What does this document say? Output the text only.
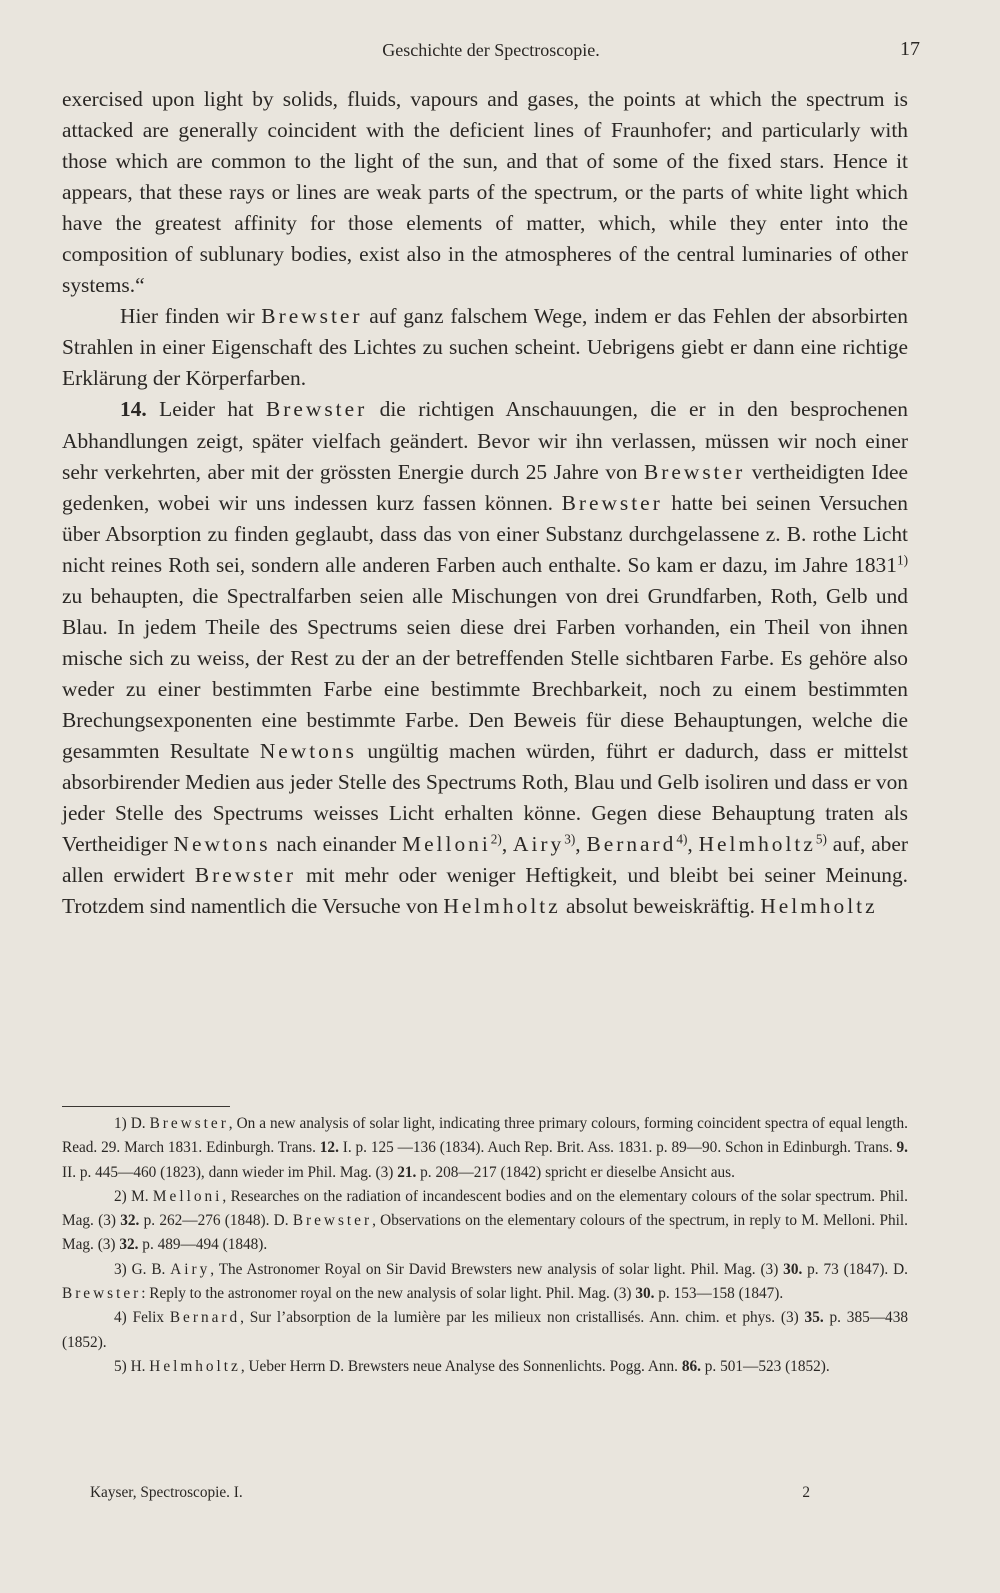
Geschichte der Spectroscopie.	17

exercised upon light by solids, fluids, vapours and gases, the points at which the spectrum is attacked are generally coincident with the deficient lines of Fraunhofer; and particularly with those which are common to the light of the sun, and that of some of the fixed stars. Hence it appears, that these rays or lines are weak parts of the spectrum, or the parts of white light which have the greatest affinity for those elements of matter, which, while they enter into the composition of sublunary bodies, exist also in the atmospheres of the central luminaries of other systems.“

Hier finden wir Brewster auf ganz falschem Wege, indem er das Fehlen der absorbirten Strahlen in einer Eigenschaft des Lichtes zu suchen scheint. Uebrigens giebt er dann eine richtige Erklärung der Körperfarben.

14. Leider hat Brewster die richtigen Anschauungen, die er in den besprochenen Abhandlungen zeigt, später vielfach geändert. Bevor wir ihn verlassen, müssen wir noch einer sehr verkehrten, aber mit der grössten Energie durch 25 Jahre von Brewster vertheidigten Idee gedenken, wobei wir uns indessen kurz fassen können. Brewster hatte bei seinen Versuchen über Absorption zu finden geglaubt, dass das von einer Substanz durchgelassene z. B. rothe Licht nicht reines Roth sei, sondern alle anderen Farben auch enthalte. So kam er dazu, im Jahre 1831$^{1)}$ zu behaupten, die Spectralfarben seien alle Mischungen von drei Grundfarben, Roth, Gelb und Blau. In jedem Theile des Spectrums seien diese drei Farben vorhanden, ein Theil von ihnen mische sich zu weiss, der Rest zu der an der betreffenden Stelle sichtbaren Farbe. Es gehöre also weder zu einer bestimmten Farbe eine bestimmte Brechbarkeit, noch zu einem bestimmten Brechungsexponenten eine bestimmte Farbe. Den Beweis für diese Behauptungen, welche die gesammten Resultate Newtons ungültig machen würden, führt er dadurch, dass er mittelst absorbirender Medien aus jeder Stelle des Spectrums Roth, Blau und Gelb isoliren und dass er von jeder Stelle des Spectrums weisses Licht erhalten könne. Gegen diese Behauptung traten als Vertheidiger Newtons nach einander Melloni$^{2)}$, Airy$^{3)}$, Bernard$^{4)}$, Helmholtz$^{5)}$ auf, aber allen erwidert Brewster mit mehr oder weniger Heftigkeit, und bleibt bei seiner Meinung. Trotzdem sind namentlich die Versuche von Helmholtz absolut beweiskräftig. Helmholtz

1) D. Brewster, On a new analysis of solar light, indicating three primary colours, forming coincident spectra of equal length. Read. 29. March 1831. Edinburgh. Trans. 12. I. p. 125 —136 (1834). Auch Rep. Brit. Ass. 1831. p. 89—90. Schon in Edinburgh. Trans. 9. II. p. 445—460 (1823), dann wieder im Phil. Mag. (3) 21. p. 208—217 (1842) spricht er dieselbe Ansicht aus.

2) M. Melloni, Researches on the radiation of incandescent bodies and on the elementary colours of the solar spectrum. Phil. Mag. (3) 32. p. 262—276 (1848). D. Brewster, Observations on the elementary colours of the spectrum, in reply to M. Melloni. Phil. Mag. (3) 32. p. 489—494 (1848).

3) G. B. Airy, The Astronomer Royal on Sir David Brewsters new analysis of solar light. Phil. Mag. (3) 30. p. 73 (1847). D. Brewster: Reply to the astronomer royal on the new analysis of solar light. Phil. Mag. (3) 30. p. 153—158 (1847).

4) Felix Bernard, Sur l’absorption de la lumière par les milieux non cristallisés. Ann. chim. et phys. (3) 35. p. 385—438 (1852).

5) H. Helmholtz, Ueber Herrn D. Brewsters neue Analyse des Sonnenlichts. Pogg. Ann. 86. p. 501—523 (1852).

Kayser, Spectroscopie. I.	2
